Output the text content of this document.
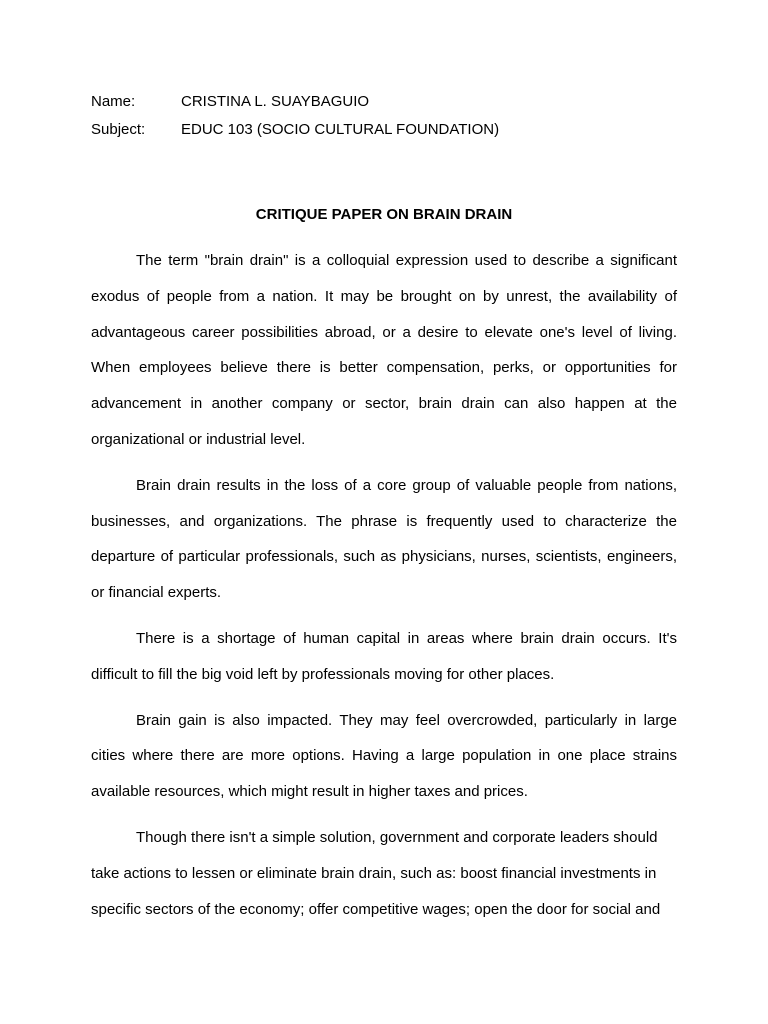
Name:	CRISTINA L. SUAYBAGUIO
Subject: EDUC 103 (SOCIO CULTURAL FOUNDATION)
CRITIQUE PAPER ON BRAIN DRAIN

The term "brain drain" is a colloquial expression used to describe a significant exodus of people from a nation. It may be brought on by unrest, the availability of advantageous career possibilities abroad, or a desire to elevate one's level of living. When employees believe there is better compensation, perks, or opportunities for advancement in another company or sector, brain drain can also happen at the organizational or industrial level.

Brain drain results in the loss of a core group of valuable people from nations, businesses, and organizations. The phrase is frequently used to characterize the departure of particular professionals, such as physicians, nurses, scientists, engineers, or financial experts.

There is a shortage of human capital in areas where brain drain occurs. It's difficult to fill the big void left by professionals moving for other places.

Brain gain is also impacted. They may feel overcrowded, particularly in large cities where there are more options. Having a large population in one place strains available resources, which might result in higher taxes and prices.

Though there isn't a simple solution, government and corporate leaders should take actions to lessen or eliminate brain drain, such as: boost financial investments in specific sectors of the economy; offer competitive wages; open the door for social and
